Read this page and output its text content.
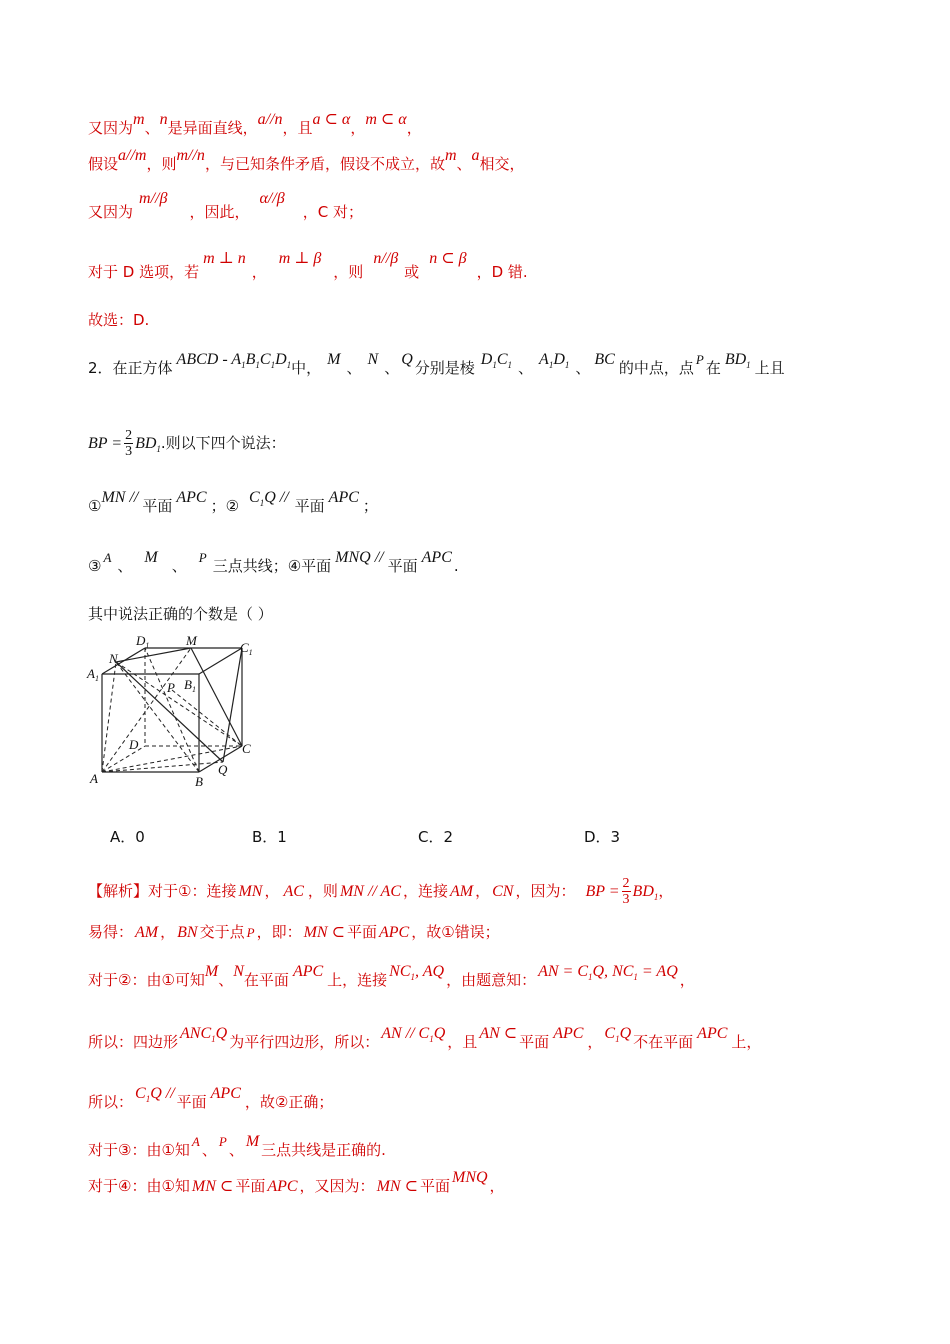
又因为m、n是异面直线，a//n，且a ⊂ α，m ⊂ α，
假设a//m，则m//n，与已知条件矛盾，假设不成立，故m、a相交，
又因为m//β，因此，α//β，C 对；
对于 D 选项，若m ⊥ n，m ⊥ β，则n//β或n ⊂ β，D 错.
故选：D.
2．在正方体 ABCD - $A_1B_1C_1D_1$中， M 、 N 、 Q 分别是棱 $D_1C_1$ 、 $A_1D_1$ 、 BC 的中点，点 P 在 $BD_1$ 上且
BP = $\frac{2}{3} BD_1$.则以下四个说法：
①MN // 平面 APC ；② $C_1Q$ // 平面 APC ；
③ A 、 M 、 P 三点共线；④平面 MNQ // 平面 APC .
其中说法正确的个数是（ ）
$D_1$	M	$C_1$
N
$A_1$
P $B_1$
D	C
A	B
Q
A．0	B．1	C．2	D．3
【解析】对于①：连接 MN ， AC ，则 MN // AC ，连接 AM ， CN ，因为： BP = $\frac{2}{3} BD_1$，
易得： AM ， BN 交于点 P ，即： MN ⊂ 平面 APC ，故①错误；
对于②：由①可知M、N在平面 APC 上，连接 $NC_1$, AQ ，由题意知： AN = $C_1Q$, $NC_1$ = AQ ，
所以：四边形 $ANC_1Q$ 为平行四边形，所以： AN // $C_1Q$ ，且 AN ⊂ 平面 APC ， $C_1Q$ 不在平面 APC 上，
所以： $C_1Q$ // 平面 APC ，故②正确；
对于③：由①知 A 、 P 、 M 三点共线是正确的.
对于④：由①知 MN ⊂ 平面 APC ，又因为： MN ⊂ 平面 MNQ ，
